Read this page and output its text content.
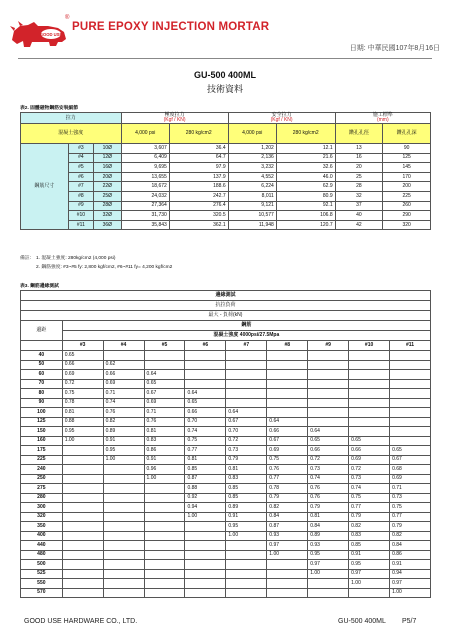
GOOD USE
®
PURE EPOXY INJECTION MORTAR
日期: 中華民國107年8月16日
GU-500 400ML
技術資料
表2. 固體磁物鋼筋安裝細節
拉力			極度拉力
(Kgf / KN)		安全拉力
(Kgf / KN)		施工標準
(mm)	

混凝土強度			4,000 psi	280 kg/cm2	4,000 psi	280 kg/cm2	鑽孔孔徑	鑽孔孔深
鋼筋尺寸	#3	10Ø	3,607	36.4	1,202	12.1	13	90
	#4	12Ø	6,409	64.7	2,136	21.6	16	125
	#5	16Ø	9,695	97.9	3,232	32.6	20	145
	#6	20Ø	13,655	137.9	4,552	46.0	25	170
	#7	22Ø	18,672	188.6	6,224	62.9	28	200
	#8	25Ø	24,032	242.7	8,011	80.9	32	225
	#9	28Ø	27,364	276.4	9,121	92.1	37	260
	#10	32Ø	31,730	320.5	10,577	106.8	40	290
	#11	36Ø	35,843	362.1	11,948	120.7	42	320
備註: 1. 混凝土強度: 280kg/cm2 (4,000 psi)
2. 鋼筋強度: #3~#5 fy: 2,800 kgf/cm2, #6~#11 fy= 4,200 kgf/cm2
表3. 鋼筋邊緣測試
邊緣測試									
抗拉負荷									
最大 - 負荷(kN)									
邊距	鋼筋								
	混凝土強度 4000psi/27.5Mpa								
	#3	#4	#5	#6	#7	#8	#9	#10	#11
40	0.65								
50	0.66	0.62							
60	0.69	0.66	0.64						
70	0.72	0.69	0.65						
80	0.75	0.71	0.67	0.64					
90	0.78	0.74	0.69	0.65					
100	0.81	0.76	0.71	0.66	0.64				
125	0.88	0.82	0.76	0.70	0.67	0.64			
150	0.95	0.89	0.81	0.74	0.70	0.66	0.64		
160	1.00	0.91	0.83	0.75	0.72	0.67	0.65	0.65	
175		0.95	0.86	0.77	0.73	0.69	0.66	0.66	0.65
225		1.00	0.91	0.81	0.79	0.75	0.72	0.69	0.67
240			0.96	0.85	0.81	0.76	0.73	0.72	0.68
250			1.00	0.87	0.83	0.77	0.74	0.73	0.69
275				0.88	0.85	0.78	0.76	0.74	0.71
280				0.92	0.85	0.79	0.76	0.75	0.73
300				0.94	0.89	0.82	0.79	0.77	0.75
320				1.00	0.91	0.84	0.81	0.79	0.77
350					0.95	0.87	0.84	0.82	0.79
400					1.00	0.93	0.89	0.83	0.82
440						0.97	0.93	0.85	0.84
480						1.00	0.95	0.91	0.86
500							0.97	0.95	0.91
525							1.00	0.97	0.94
550								1.00	0.97
570									1.00
GOOD USE HARDWARE CO., LTD.	GU-500 400ML P5/7
